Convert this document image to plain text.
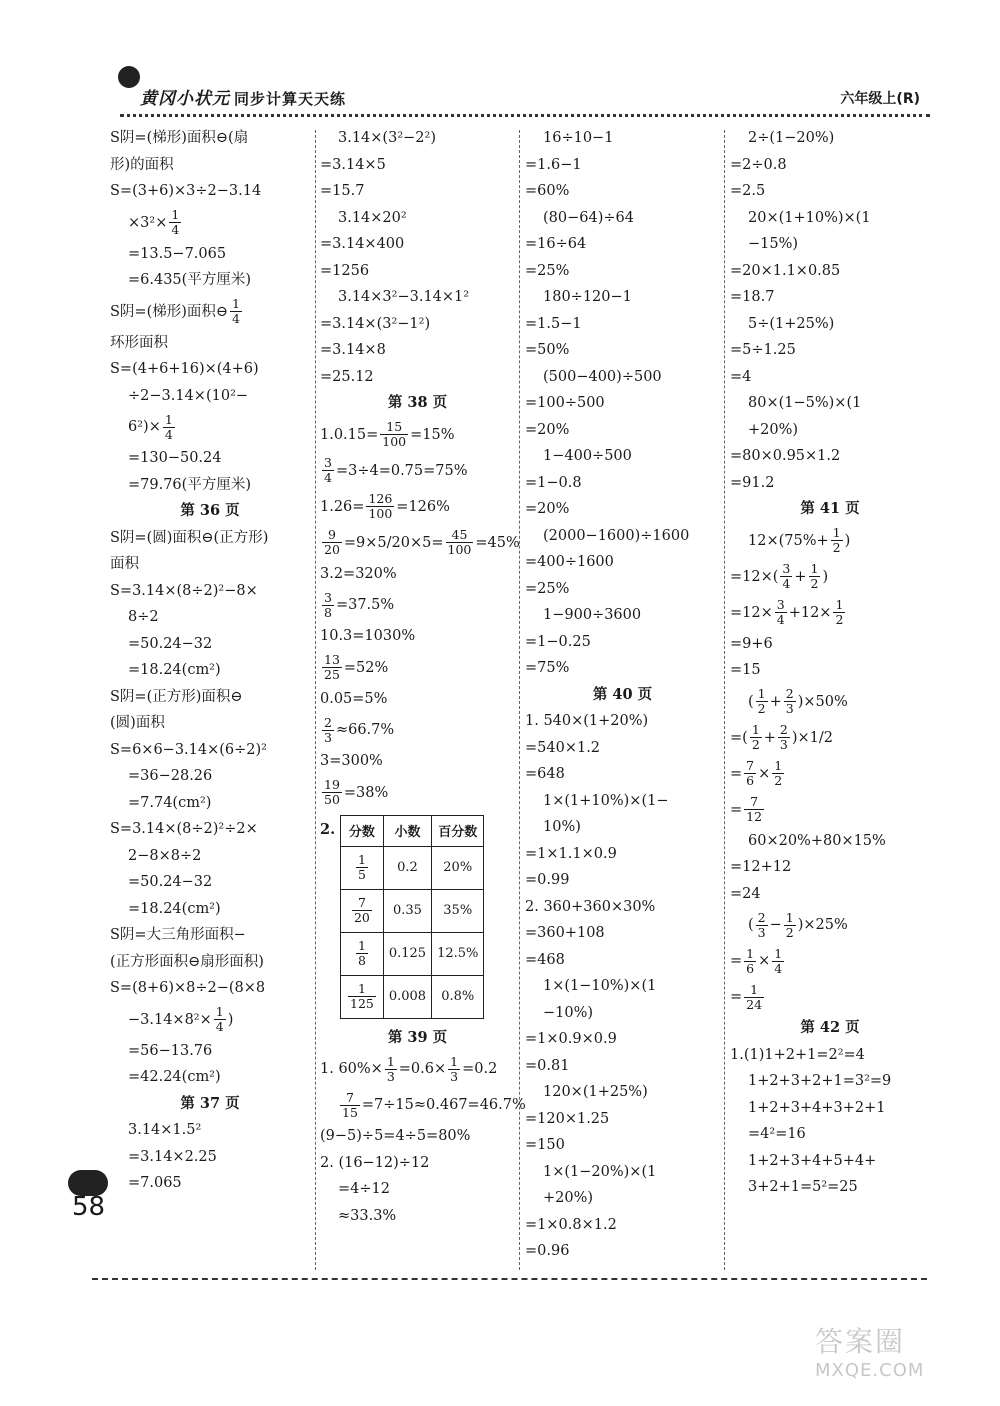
黄冈小状元 同步计算天天练	六年级上(R)
S阴=(梯形)面积⊖(扇
形)的面积
S=(3+6)×3÷2−3.14
$\times 3^2\times \frac{1}{4}$
=13.5−7.065
=6.435(平方厘米)
S阴=(梯形)面积⊖ $\frac{1}{4}$
环形面积
S=(4+6+16)×(4+6)
÷2−3.14×(10²−
$6^2)\times \frac{1}{4}$
=130−50.24
=79.76(平方厘米)
第 36 页
S阴=(圆)面积⊖(正方形)
面积
S=3.14×(8÷2)²−8×
8÷2
=50.24−32
=18.24(cm²)
S阴=(正方形)面积⊖
(圆)面积
S=6×6−3.14×(6÷2)²
=36−28.26
=7.74(cm²)
S=3.14×(8÷2)²÷2×
2−8×8÷2
=50.24−32
=18.24(cm²)
S阴=大三角形面积−
(正方形面积⊖扇形面积)
S=(8+6)×8÷2−(8×8
$-3.14\times 8^2\times \frac{1}{4}$ )
=56−13.76
=42.24(cm²)
第 37 页
3.14×1.5²
=3.14×2.25
=7.065
3.14×(3²−2²)
=3.14×5
=15.7
3.14×20²
=3.14×400
=1256
3.14×3²−3.14×1²
=3.14×(3²−1²)
=3.14×8
=25.12
第 38 页
$1.0.15= \frac{15}{100} =15\%$
$\frac{3}{4} =3\div 4=0.75=75\%$
$1.26= \frac{126}{100} =126\%$
$\frac{9}{20} =9\times 5/20\times 5= \frac{45}{100} =45\%$
3.2=320%
$\frac{3}{8} =37.5\%$
10.3=1030%
$\frac{13}{25} =52\%$
0.05=5%
$\frac{2}{3} \approx 66.7\%$
3=300%
$\frac{19}{50} =38\%$
2. 分数	小数	百分数

$\frac{1}{5}$	0.2	20%

$\frac{7}{20}$	0.35	35%

$\frac{1}{8}$	0.125	12.5%

$\frac{1}{125}$	0.008	0.8%
第 39 页
1. $60\%\times \frac{1}{3} =0.6\times \frac{1}{3} =0.2$
$\frac{7}{15} =7\div 15\approx 0.467=46.7\%$
(9−5)÷5=4÷5=80%
2. (16−12)÷12
=4÷12
≈33.3%
16÷10−1
=1.6−1
=60%
(80−64)÷64
=16÷64
=25%
180÷120−1
=1.5−1
=50%
(500−400)÷500
=100÷500
=20%
1−400÷500
=1−0.8
=20%
(2000−1600)÷1600
=400÷1600
=25%
1−900÷3600
=1−0.25
=75%
第 40 页
1. 540×(1+20%)
=540×1.2
=648
1×(1+10%)×(1−
10%)
=1×1.1×0.9
=0.99
2. 360+360×30%
=360+108
=468
1×(1−10%)×(1
−10%)
=1×0.9×0.9
=0.81
120×(1+25%)
=120×1.25
=150
1×(1−20%)×(1
+20%)
=1×0.8×1.2
=0.96
2÷(1−20%)
=2÷0.8
=2.5
20×(1+10%)×(1
−15%)
=20×1.1×0.85
=18.7
5÷(1+25%)
=5÷1.25
=4
80×(1−5%)×(1
+20%)
=80×0.95×1.2
=91.2
第 41 页
$12\times(75\%+ \frac{1}{2}$ )
$=12\times( \frac{3}{4} + \frac{1}{2}$ )
$=12\times \frac{3}{4} +12\times \frac{1}{2}$
=9+6
=15
( $\frac{1}{2} + \frac{2}{3} )\times 50\%$
=( $\frac{1}{2} + \frac{2}{3} )\times 1/2$
= $\frac{7}{6} \times \frac{1}{2}$
= $\frac{7}{12}$
60×20%+80×15%
=12+12
=24
( $\frac{2}{3} - \frac{1}{2} )\times 25\%$
= $\frac{1}{6} \times \frac{1}{4}$
= $\frac{1}{24}$
第 42 页
1.(1)1+2+1=2²=4
1+2+3+2+1=3²=9
1+2+3+4+3+2+1
=4²=16
1+2+3+4+5+4+
3+2+1=5²=25
58
答案圈
MXQE.COM
